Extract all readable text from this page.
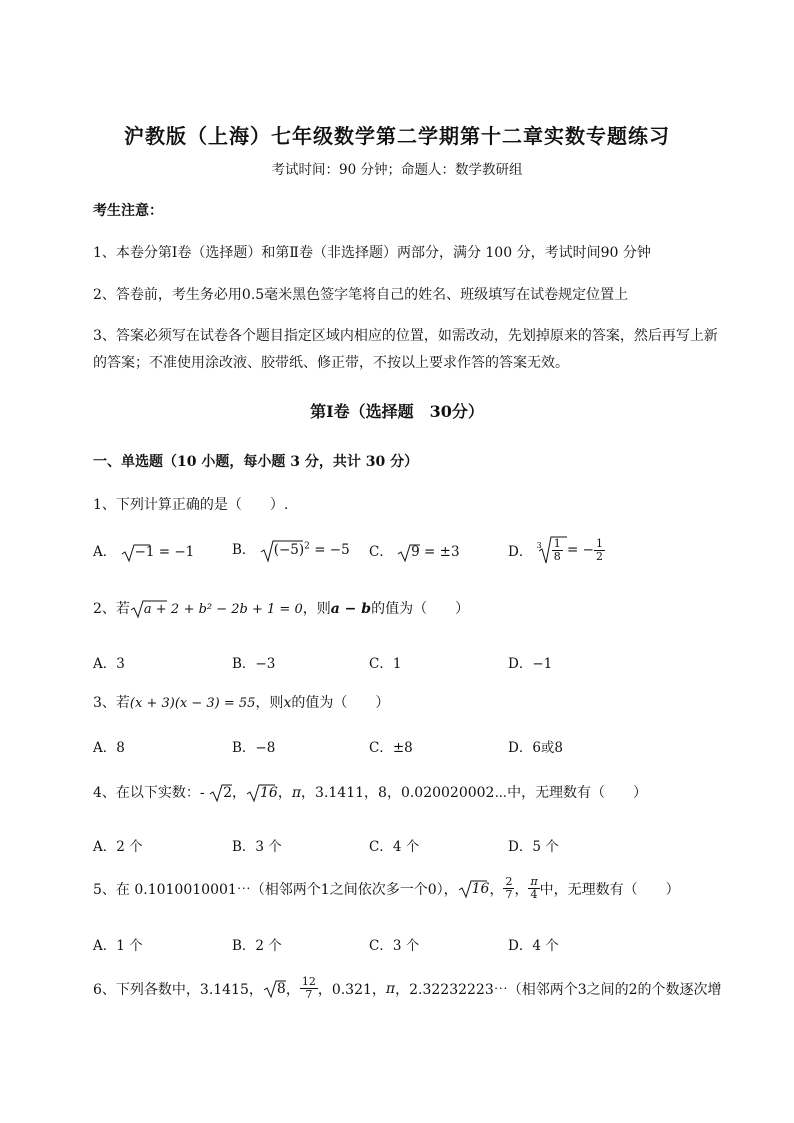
沪教版（上海）七年级数学第二学期第十二章实数专题练习
考试时间：90 分钟；命题人：数学教研组
考生注意：
1、本卷分第Ⅰ卷（选择题）和第Ⅱ卷（非选择题）两部分，满分 100 分，考试时间90 分钟
2、答卷前，考生务必用0.5毫米黑色签字笔将自己的姓名、班级填写在试卷规定位置上
3、答案必须写在试卷各个题目指定区域内相应的位置，如需改动，先划掉原来的答案，然后再写上新
的答案；不准使用涂改液、胶带纸、修正带，不按以上要求作答的答案无效。
第Ⅰ卷（选择题　30分）
一、单选题（10 小题，每小题 3 分，共计 30 分）
1、下列计算正确的是（　　）.
A． −1 = −1	B． $(-5)^2 = -5$ C． 9 = ±3	D． $^3 \frac{1}{8}$ = − $\frac{1}{2}$
2、若 a + 2 + b² − 2b + 1 = 0，则a − b的值为（　　）
A．3	B．−3	C．1	D．−1
3、若(x + 3)(x − 3) = 55，则x的值为（　　）
A．8	B．−8	C．±8	D．6或8
4、在以下实数：- 2， 16，π，3.1411，8，0.020020002⋯中，无理数有（　　）
A．2 个	B．3 个	C．4 个	D．5 个
5、在 0.1010010001⋯（相邻两个1之间依次多一个0）， 16， $\frac{2}{7}$ ， $\frac{\pi}{4}$ 中，无理数有（　　）
A．1 个	B．2 个	C．3 个	D．4 个
6、下列各数中，3.1415， 8， $\frac{12}{7}$ ，0.321，π，2.32232223⋯（相邻两个3之间的2的个数逐次增
